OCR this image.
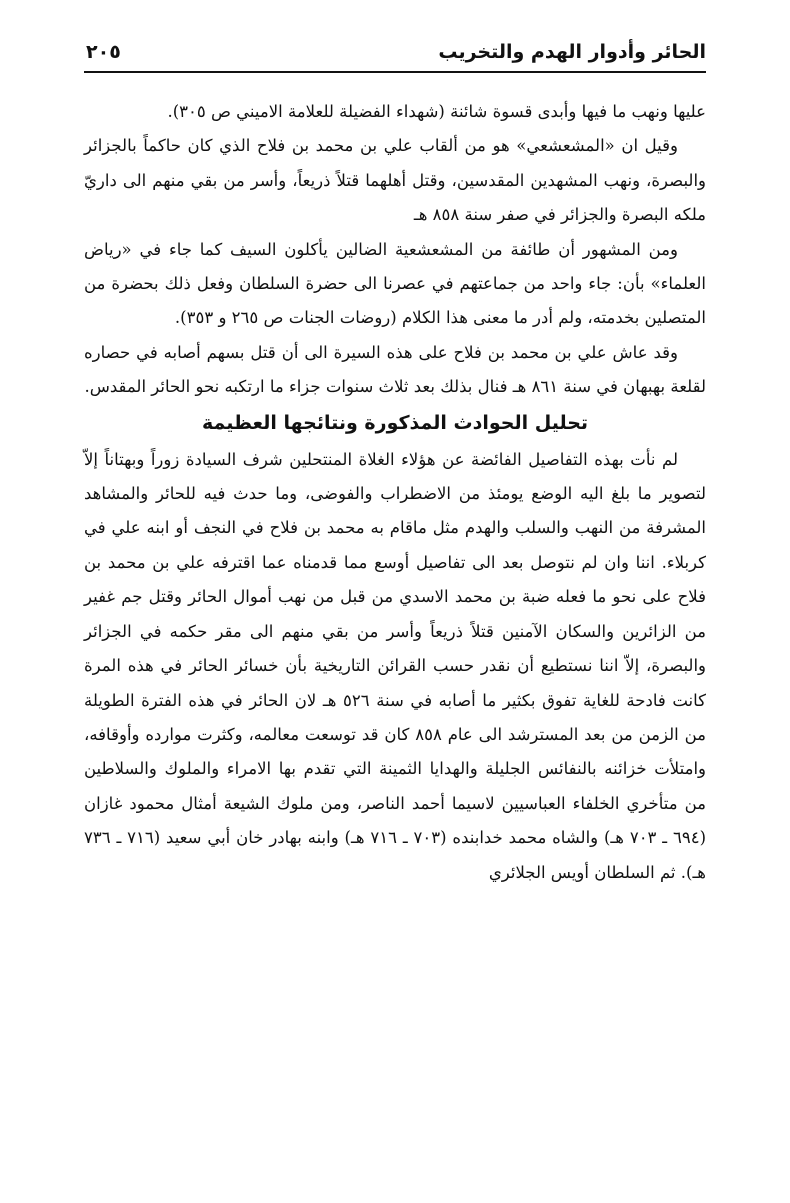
الحائر وأدوار الهدم والتخريب
٢٠٥

عليها ونهب ما فيها وأبدى قسوة شائنة (شهداء الفضيلة للعلامة الاميني ص ٣٠٥).

وقيل ان «المشعشعي» هو من ألقاب علي بن محمد بن فلاح الذي كان حاكماً بالجزائر والبصرة، ونهب المشهدين المقدسين، وقتل أهلهما قتلاً ذريعاً، وأسر من بقي منهم الى داريّ ملكه البصرة والجزائر في صفر سنة ٨٥٨ هـ

ومن المشهور أن طائفة من المشعشعية الضالين يأكلون السيف كما جاء في «رياض العلماء» بأن: جاء واحد من جماعتهم في عصرنا الى حضرة السلطان وفعل ذلك بحضرة من المتصلين بخدمته، ولم أدر ما معنى هذا الكلام (روضات الجنات ص ٢٦٥ و ٣٥٣).

وقد عاش علي بن محمد بن فلاح على هذه السيرة الى أن قتل بسهم أصابه في حصاره لقلعة بهبهان في سنة ٨٦١ هـ فنال بذلك بعد ثلاث سنوات جزاء ما ارتكبه نحو الحائر المقدس.

تحليل الحوادث المذكورة ونتائجها العظيمة

لم نأت بهذه التفاصيل الفائضة عن هؤلاء الغلاة المنتحلين شرف السيادة زوراً وبهتاناً إلاّ لتصوير ما بلغ اليه الوضع يومئذ من الاضطراب والفوضى، وما حدث فيه للحائر والمشاهد المشرفة من النهب والسلب والهدم مثل ماقام به محمد بن فلاح في النجف أو ابنه علي في كربلاء. اننا وان لم نتوصل بعد الى تفاصيل أوسع مما قدمناه عما اقترفه علي بن محمد بن فلاح على نحو ما فعله ضبة بن محمد الاسدي من قبل من نهب أموال الحائر وقتل جم غفير من الزائرين والسكان الآمنين قتلاً ذريعاً وأسر من بقي منهم الى مقر حكمه في الجزائر والبصرة، إلاّ اننا نستطيع أن نقدر حسب القرائن التاريخية بأن خسائر الحائر في هذه المرة كانت فادحة للغاية تفوق بكثير ما أصابه في سنة ٥٢٦ هـ لان الحائر في هذه الفترة الطويلة من الزمن من بعد المسترشد الى عام ٨٥٨ كان قد توسعت معالمه، وكثرت موارده وأوقافه، وامتلأت خزائنه بالنفائس الجليلة والهدايا الثمينة التي تقدم بها الامراء والملوك والسلاطين من متأخري الخلفاء العباسيين لاسيما أحمد الناصر، ومن ملوك الشيعة أمثال محمود غازان (٦٩٤ ـ ٧٠٣ هـ) والشاه محمد خدابنده (٧٠٣ ـ ٧١٦ هـ) وابنه بهادر خان أبي سعيد (٧١٦ ـ ٧٣٦ هـ). ثم السلطان أويس الجلائري
